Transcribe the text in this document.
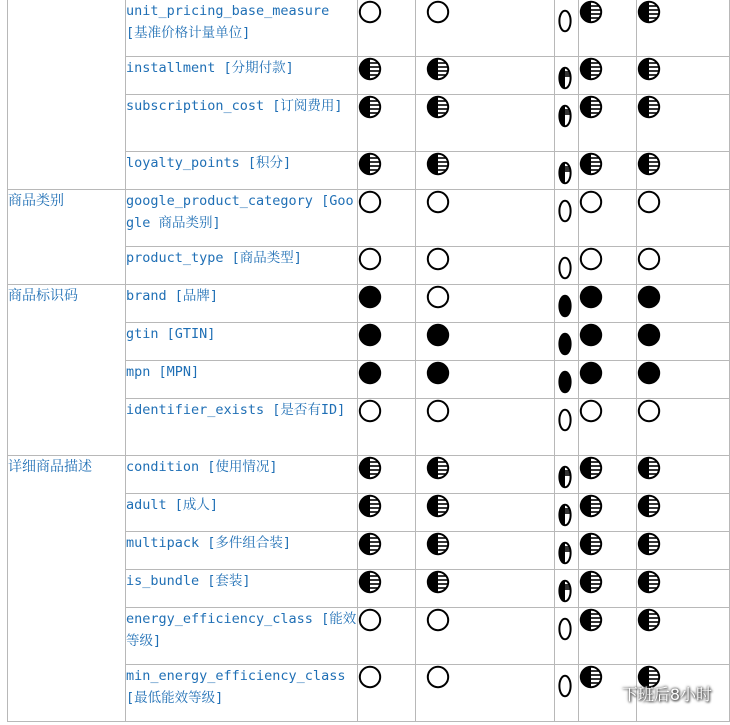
	unit_pricing_base_measure [基准价格计量单位]	

	installment [分期付款]	

	subscription_cost [订阅费用]	

	loyalty_points [积分]	

商品类别	google_product_category [Google 商品类别]	

	product_type [商品类型]	

商品标识码	brand [品牌]	

	gtin [GTIN]	

	mpn [MPN]	

	identifier_exists [是否有ID]	

详细商品描述	condition [使用情况]	

	adult [成人]	

	multipack [多件组合装]	

	is_bundle [套装]	

	energy_efficiency_class [能效等级]	

	min_energy_efficiency_class [最低能效等级]	

		下班后8小时
